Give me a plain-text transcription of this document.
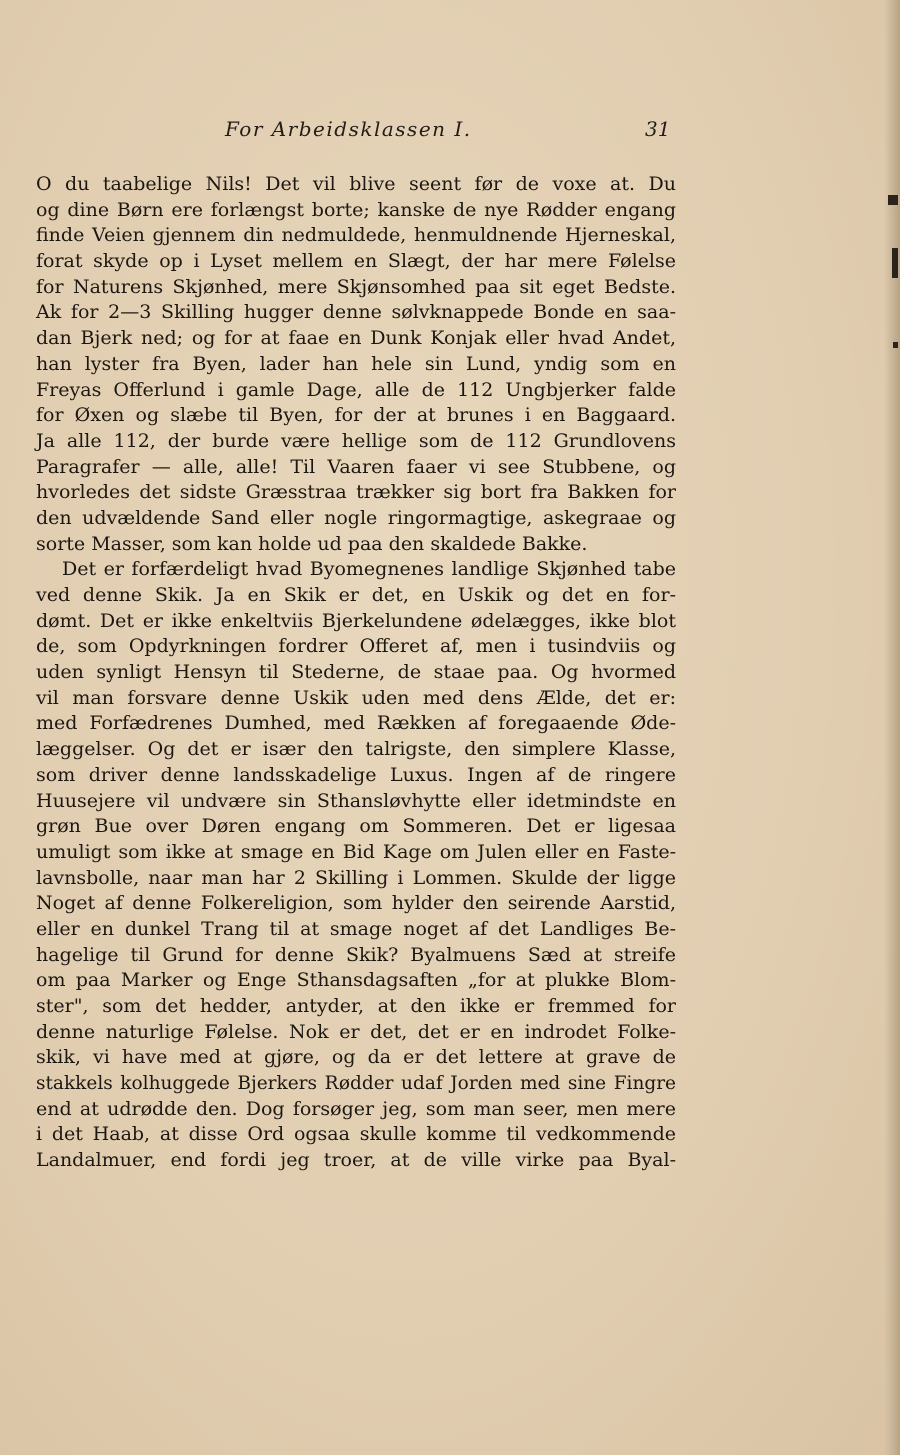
For Arbeidsklassen I.	31
O du taabelige Nils! Det vil blive seent før de voxe at. Du
og dine Børn ere forlængst borte; kanske de nye Rødder engang
finde Veien gjennem din nedmuldede, henmuldnende Hjerneskal,
forat skyde op i Lyset mellem en Slægt, der har mere Følelse
for Naturens Skjønhed, mere Skjønsomhed paa sit eget Bedste.
Ak for 2—3 Skilling hugger denne sølvknappede Bonde en saa-
dan Bjerk ned; og for at faae en Dunk Konjak eller hvad Andet,
han lyster fra Byen, lader han hele sin Lund, yndig som en
Freyas Offerlund i gamle Dage, alle de 112 Ungbjerker falde
for Øxen og slæbe til Byen, for der at brunes i en Baggaard.
Ja alle 112, der burde være hellige som de 112 Grundlovens
Paragrafer — alle, alle! Til Vaaren faaer vi see Stubbene, og
hvorledes det sidste Græsstraa trækker sig bort fra Bakken for
den udvældende Sand eller nogle ringormagtige, askegraae og
sorte Masser, som kan holde ud paa den skaldede Bakke.
Det er forfærdeligt hvad Byomegnenes landlige Skjønhed tabe
ved denne Skik. Ja en Skik er det, en Uskik og det en for-
dømt. Det er ikke enkeltviis Bjerkelundene ødelægges, ikke blot
de, som Opdyrkningen fordrer Offeret af, men i tusindviis og
uden synligt Hensyn til Stederne, de staae paa. Og hvormed
vil man forsvare denne Uskik uden med dens Ælde, det er:
med Forfædrenes Dumhed, med Rækken af foregaaende Øde-
læggelser. Og det er især den talrigste, den simplere Klasse,
som driver denne landsskadelige Luxus. Ingen af de ringere
Huusejere vil undvære sin Sthansløvhytte eller idetmindste en
grøn Bue over Døren engang om Sommeren. Det er ligesaa
umuligt som ikke at smage en Bid Kage om Julen eller en Faste-
lavnsbolle, naar man har 2 Skilling i Lommen. Skulde der ligge
Noget af denne Folkereligion, som hylder den seirende Aarstid,
eller en dunkel Trang til at smage noget af det Landliges Be-
hagelige til Grund for denne Skik? Byalmuens Sæd at streife
om paa Marker og Enge Sthansdagsaften „for at plukke Blom-
ster", som det hedder, antyder, at den ikke er fremmed for
denne naturlige Følelse. Nok er det, det er en indrodet Folke-
skik, vi have med at gjøre, og da er det lettere at grave de
stakkels kolhuggede Bjerkers Rødder udaf Jorden med sine Fingre
end at udrødde den. Dog forsøger jeg, som man seer, men mere
i det Haab, at disse Ord ogsaa skulle komme til vedkommende
Landalmuer, end fordi jeg troer, at de ville virke paa Byal-
